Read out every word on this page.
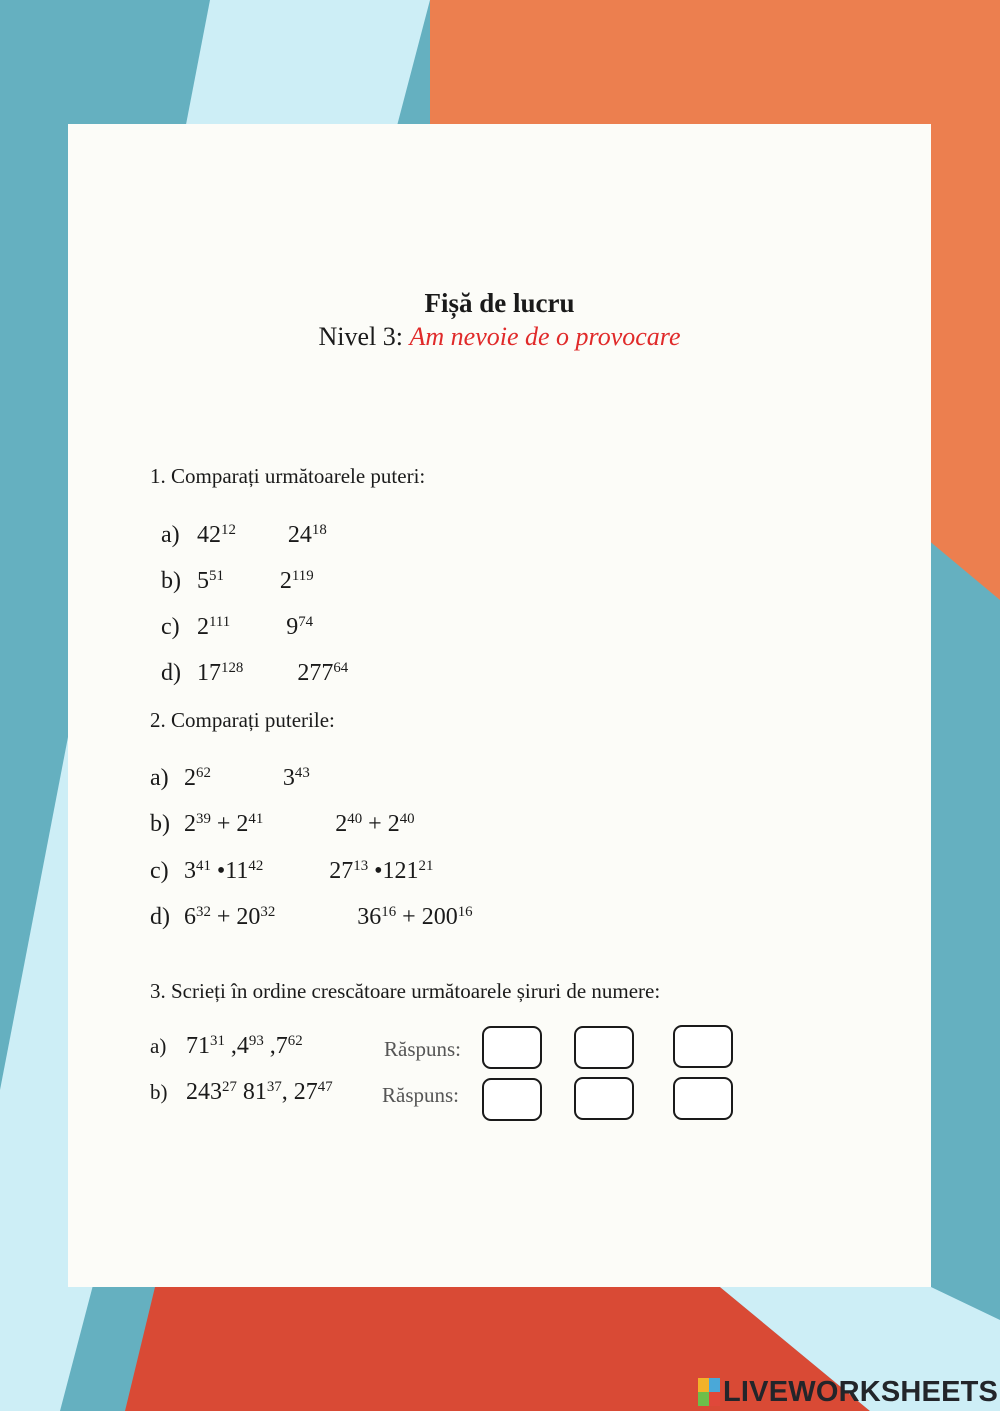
Fișă de lucru
Nivel 3: Am nevoie de o provocare
1. Comparați următoarele puteri:
a) $42^{12}$ $24^{18}$
b) $5^{51}$ $2^{119}$
c) $2^{111}$ $9^{74}$
d) $17^{128}$ $277^{64}$
2. Comparați puterile:
a) $2^{62}$	$3^{43}$
b) $2^{39} + 2^{41}$	$2^{40} + 2^{40}$
c) $3^{41}$ $•11^{42}$	$27^{13}$ $•121^{21}$
d) $6^{32} + 20^{32}$	$36^{16} + 200^{16}$
3. Scrieți în ordine crescătoare următoarele șiruri de numere:
a) $71^{31}$ $,4^{93}$ $,7^{62}$	Răspuns:
b) $243^{27}$ $81^{37}$, $27^{47}$ Răspuns:
LIVEWORKSHEETS
